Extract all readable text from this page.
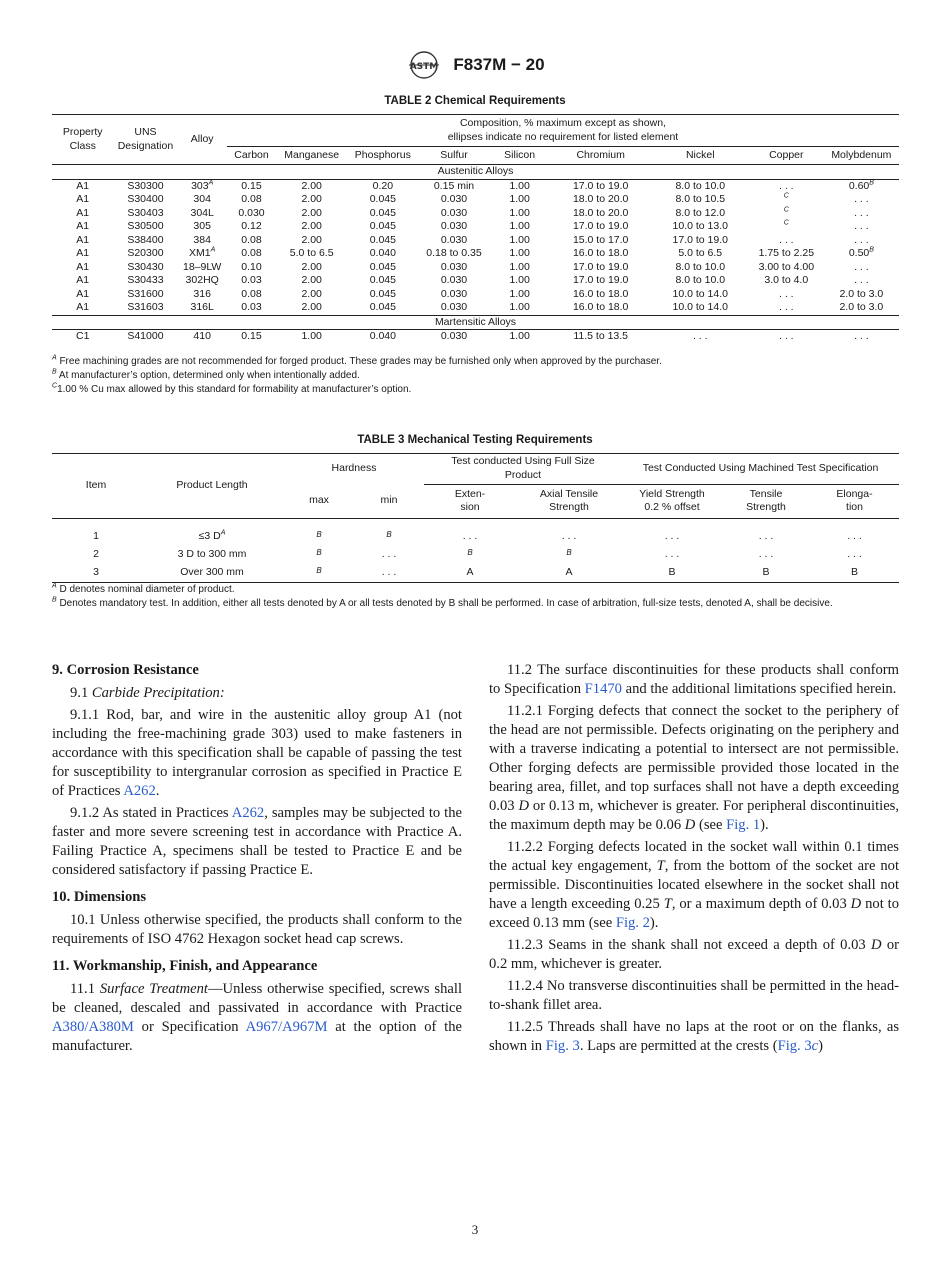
ASTM F837M − 20
TABLE 2 Chemical Requirements
Property Class	UNS Designation	Alloy	Composition, % maximum except as shown,
ellipses indicate no requirement for listed element								

			Carbon	Manganese	Phosphorus	Sulfur	Silicon	Chromium	Nickel	Copper	Molybdenum
Austenitic Alloys											
A1	S30300	$303^A$	0.15	2.00	0.20	0.15 min	1.00	17.0 to 19.0	8.0 to 10.0	. . .	$0.60^B$
A1	S30400	304	0.08	2.00	0.045	0.030	1.00	18.0 to 20.0	8.0 to 10.5	$^C$	. . .
A1	S30403	304L	0.030	2.00	0.045	0.030	1.00	18.0 to 20.0	8.0 to 12.0	$^C$	. . .
A1	S30500	305	0.12	2.00	0.045	0.030	1.00	17.0 to 19.0	10.0 to 13.0	$^C$	. . .
A1	S38400	384	0.08	2.00	0.045	0.030	1.00	15.0 to 17.0	17.0 to 19.0	. . .	. . .
A1	S20300	$XM1^A$	0.08	5.0 to 6.5	0.040	0.18 to 0.35	1.00	16.0 to 18.0	5.0 to 6.5	1.75 to 2.25	$0.50^B$
A1	S30430	18–9LW	0.10	2.00	0.045	0.030	1.00	17.0 to 19.0	8.0 to 10.0	3.00 to 4.00	. . .
A1	S30433	302HQ	0.03	2.00	0.045	0.030	1.00	17.0 to 19.0	8.0 to 10.0	3.0 to 4.0	. . .
A1	S31600	316	0.08	2.00	0.045	0.030	1.00	16.0 to 18.0	10.0 to 14.0	. . .	2.0 to 3.0
A1	S31603	316L	0.03	2.00	0.045	0.030	1.00	16.0 to 18.0	10.0 to 14.0	. . .	2.0 to 3.0
Martensitic Alloys											
C1	S41000	410	0.15	1.00	0.040	0.030	1.00	11.5 to 13.5	. . .	. . .	. . .
$^A$ Free machining grades are not recommended for forged product. These grades may be furnished only when approved by the purchaser.
$^B$ At manufacturer’s option, determined only when intentionally added.
$^C$1.00 % Cu max allowed by this standard for formability at manufacturer’s option.
TABLE 3 Mechanical Testing Requirements
Item	Product Length	Hardness		Test conducted Using Full Size Product		Test Conducted Using Machined Test Specification		
		max	min	Exten- sion	Axial Tensile Strength	Yield Strength 0.2 % offset	Tensile Strength	Elonga- tion

1	≤3 $D^A$	$^B$	$^B$	. . .	. . .	. . .	. . .	. . .
2	3 D to 300 mm	$^B$	. . .	$^B$	$^B$	. . .	. . .	. . .
3	Over 300 mm	$^B$	. . .	A	A	B	B	B

$^A$ D denotes nominal diameter of product.
$^B$ Denotes mandatory test. In addition, either all tests denoted by A or all tests denoted by B shall be performed. In case of arbitration, full-size tests, denoted A, shall be decisive.
9. Corrosion Resistance

9.1 Carbide Precipitation:

9.1.1 Rod, bar, and wire in the austenitic alloy group A1 (not including the free-machining grade 303) used to make fasteners in accordance with this specification shall be capable of passing the test for susceptibility to intergranular corrosion as specified in Practice E of Practices A262.

9.1.2 As stated in Practices A262, samples may be subjected to the faster and more severe screening test in accordance with Practice A. Failing Practice A, specimens shall be tested to Practice E and be considered satisfactory if passing Practice E.

10. Dimensions

10.1 Unless otherwise specified, the products shall conform to the requirements of ISO 4762 Hexagon socket head cap screws.

11. Workmanship, Finish, and Appearance

11.1 Surface Treatment—Unless otherwise specified, screws shall be cleaned, descaled and passivated in accordance with Practice A380/A380M or Specification A967/A967M at the option of the manufacturer.

11.2 The surface discontinuities for these products shall conform to Specification F1470 and the additional limitations specified herein.

11.2.1 Forging defects that connect the socket to the periphery of the head are not permissible. Defects originating on the periphery and with a traverse indicating a potential to intersect are not permissible. Other forging defects are permissible provided those located in the bearing area, fillet, and top surfaces shall not have a depth exceeding 0.03 D or 0.13 m, whichever is greater. For peripheral discontinuities, the maximum depth may be 0.06 D (see Fig. 1).

11.2.2 Forging defects located in the socket wall within 0.1 times the actual key engagement, T, from the bottom of the socket are not permissible. Discontinuities located elsewhere in the socket shall not have a length exceeding 0.25 T, or a maximum depth of 0.03 D not to exceed 0.13 mm (see Fig. 2).

11.2.3 Seams in the shank shall not exceed a depth of 0.03 D or 0.2 mm, whichever is greater.

11.2.4 No transverse discontinuities shall be permitted in the head-to-shank fillet area.

11.2.5 Threads shall have no laps at the root or on the flanks, as shown in Fig. 3. Laps are permitted at the crests (Fig. 3c)

3
